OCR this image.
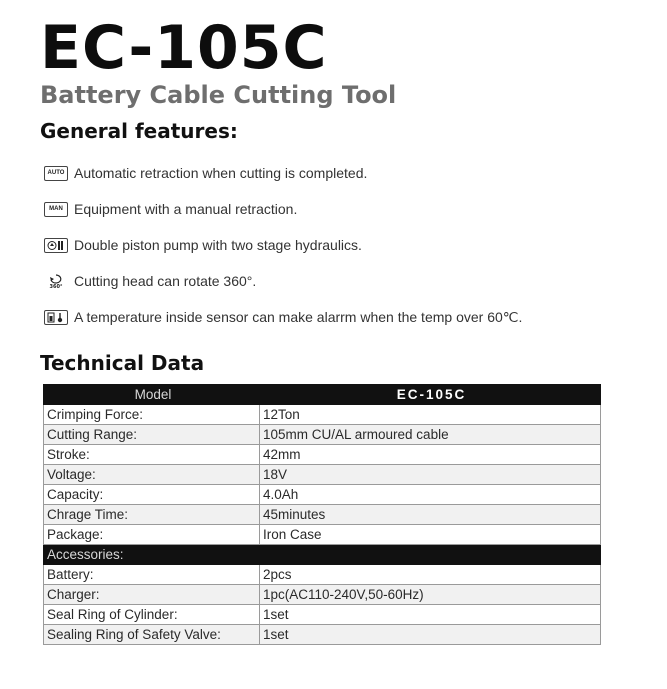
EC-105C
Battery Cable Cutting Tool
General features:
AUTO Automatic retraction when cutting is completed.
MAN Equipment with a manual retraction.
Double piston pump with two stage hydraulics.
360° Cutting head can rotate 360°.
A temperature inside sensor can make alarrm when the temp over 60℃.
Technical Data
Model	EC-105C
Crimping Force:	12Ton
Cutting Range:	105mm CU/AL armoured cable
Stroke:	42mm
Voltage:	18V
Capacity:	4.0Ah
Chrage Time:	45minutes
Package:	Iron Case
Accessories:	
Battery:	2pcs
Charger:	1pc(AC110-240V,50-60Hz)
Seal Ring of Cylinder:	1set
Sealing Ring of Safety Valve:	1set
